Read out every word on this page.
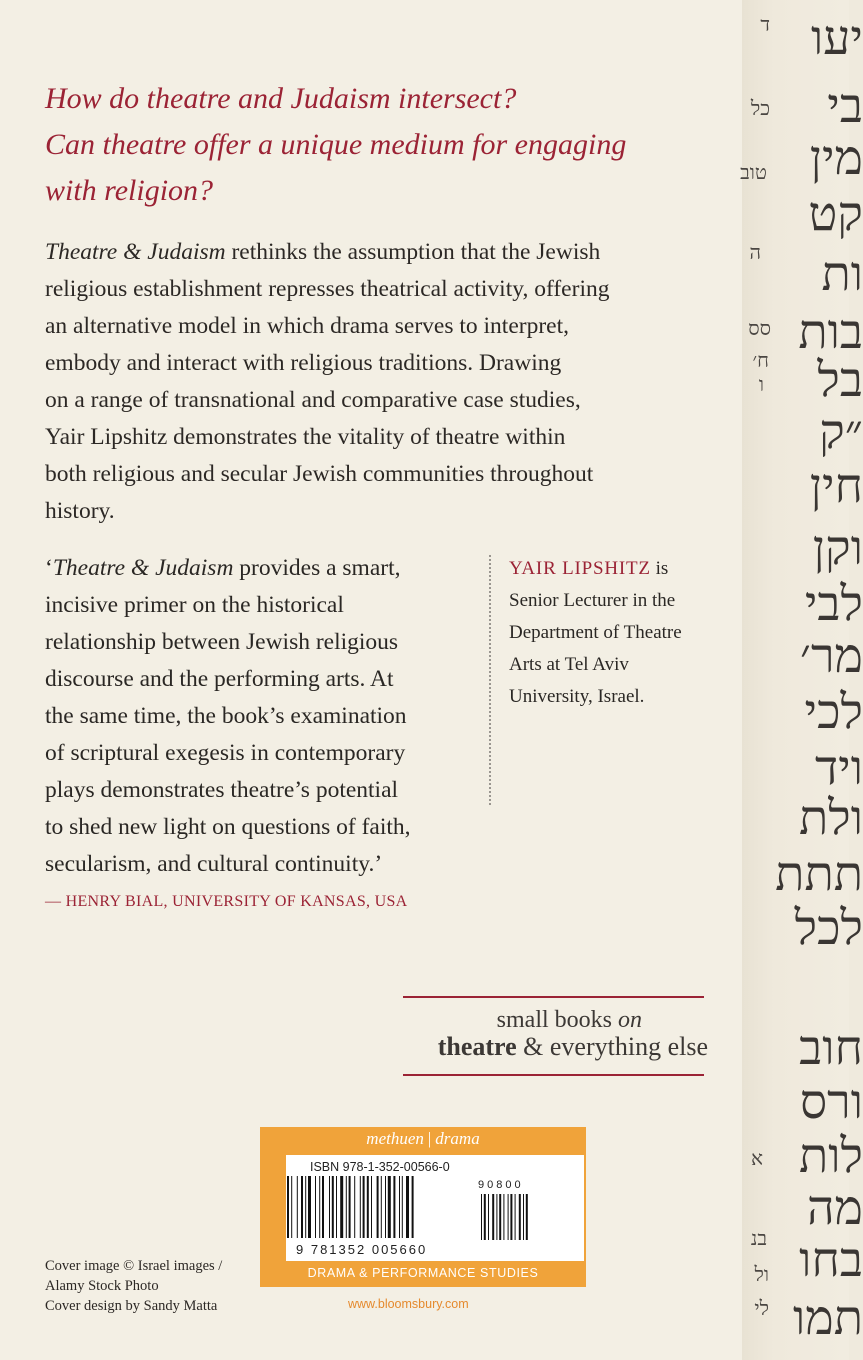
ד
כל
טוב
ה
סס
ח׳
ו
א
בנ
ול
לי
יעו
בי
מין
קט
ות
בות
בל
״ק
חין
וקן
לבי
מר׳
לכי
ויד
ולת
תתת
לכל
חוב
ורס
לות
מה
בחו
תמו
How do theatre and Judaism intersect?
Can theatre offer a unique medium for engaging
with religion?
Theatre & Judaism rethinks the assumption that the Jewish
religious establishment represses theatrical activity, offering
an alternative model in which drama serves to interpret,
embody and interact with religious traditions. Drawing
on a range of transnational and comparative case studies,
Yair Lipshitz demonstrates the vitality of theatre within
both religious and secular Jewish communities throughout
history.
‘Theatre & Judaism provides a smart,
incisive primer on the historical
relationship between Jewish religious
discourse and the performing arts. At
the same time, the book’s examination
of scriptural exegesis in contemporary
plays demonstrates theatre’s potential
to shed new light on questions of faith,
secularism, and cultural continuity.’
— HENRY BIAL, UNIVERSITY OF KANSAS, USA
YAIR LIPSHITZ is
Senior Lecturer in the
Department of Theatre
Arts at Tel Aviv
University, Israel.
small books on
theatre & everything else
methuen | drama
DRAMA & PERFORMANCE STUDIES
ISBN 978-1-352-00566-0
90800
9 781352 005660
www.bloomsbury.com
Cover image © Israel images /
Alamy Stock Photo
Cover design by Sandy Matta
